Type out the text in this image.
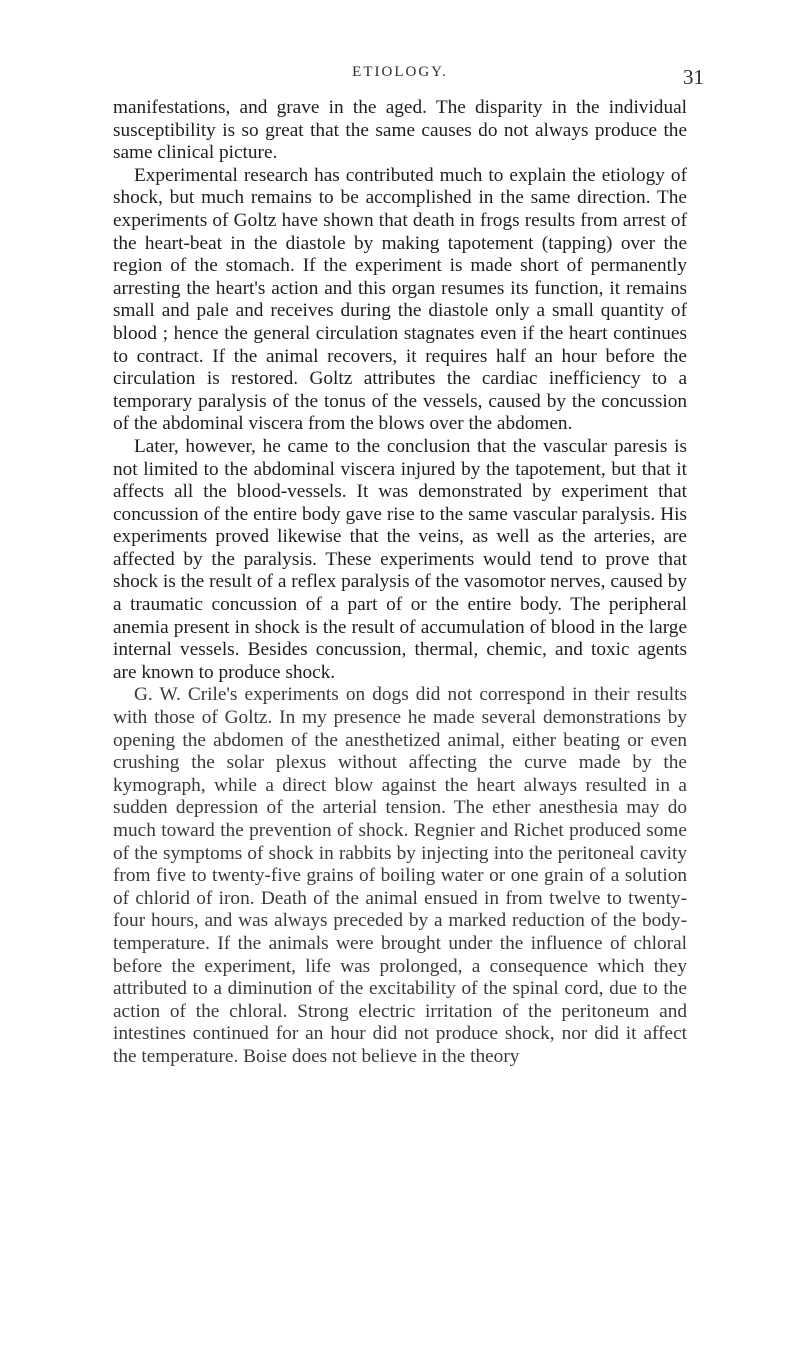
ETIOLOGY.	31

manifestations, and grave in the aged. The disparity in the individual susceptibility is so great that the same causes do not always produce the same clinical picture.

Experimental research has contributed much to explain the etiology of shock, but much remains to be accomplished in the same direction. The experiments of Goltz have shown that death in frogs results from arrest of the heart-beat in the diastole by making tapotement (tapping) over the region of the stomach. If the experiment is made short of permanently arresting the heart's action and this organ resumes its function, it remains small and pale and receives during the diastole only a small quantity of blood ; hence the general circulation stagnates even if the heart continues to contract. If the animal recovers, it requires half an hour before the circulation is restored. Goltz attributes the cardiac inefficiency to a temporary paralysis of the tonus of the vessels, caused by the concussion of the abdominal viscera from the blows over the abdomen.

Later, however, he came to the conclusion that the vascular paresis is not limited to the abdominal viscera injured by the tapotement, but that it affects all the blood-vessels. It was demonstrated by experiment that concussion of the entire body gave rise to the same vascular paralysis. His experiments proved likewise that the veins, as well as the arteries, are affected by the paralysis. These experiments would tend to prove that shock is the result of a reflex paralysis of the vasomotor nerves, caused by a traumatic concussion of a part of or the entire body. The peripheral anemia present in shock is the result of accumulation of blood in the large internal vessels. Besides concussion, thermal, chemic, and toxic agents are known to produce shock.

G. W. Crile's experiments on dogs did not correspond in their results with those of Goltz. In my presence he made several demonstrations by opening the abdomen of the anesthetized animal, either beating or even crushing the solar plexus without affecting the curve made by the kymograph, while a direct blow against the heart always resulted in a sudden depression of the arterial tension. The ether anesthesia may do much toward the prevention of shock. Regnier and Richet produced some of the symptoms of shock in rabbits by injecting into the peritoneal cavity from five to twenty-five grains of boiling water or one grain of a solution of chlorid of iron. Death of the animal ensued in from twelve to twenty-four hours, and was always preceded by a marked reduction of the body-temperature. If the animals were brought under the influence of chloral before the experiment, life was prolonged, a consequence which they attributed to a diminution of the excitability of the spinal cord, due to the action of the chloral. Strong electric irritation of the peritoneum and intestines continued for an hour did not produce shock, nor did it affect the temperature. Boise does not believe in the theory
